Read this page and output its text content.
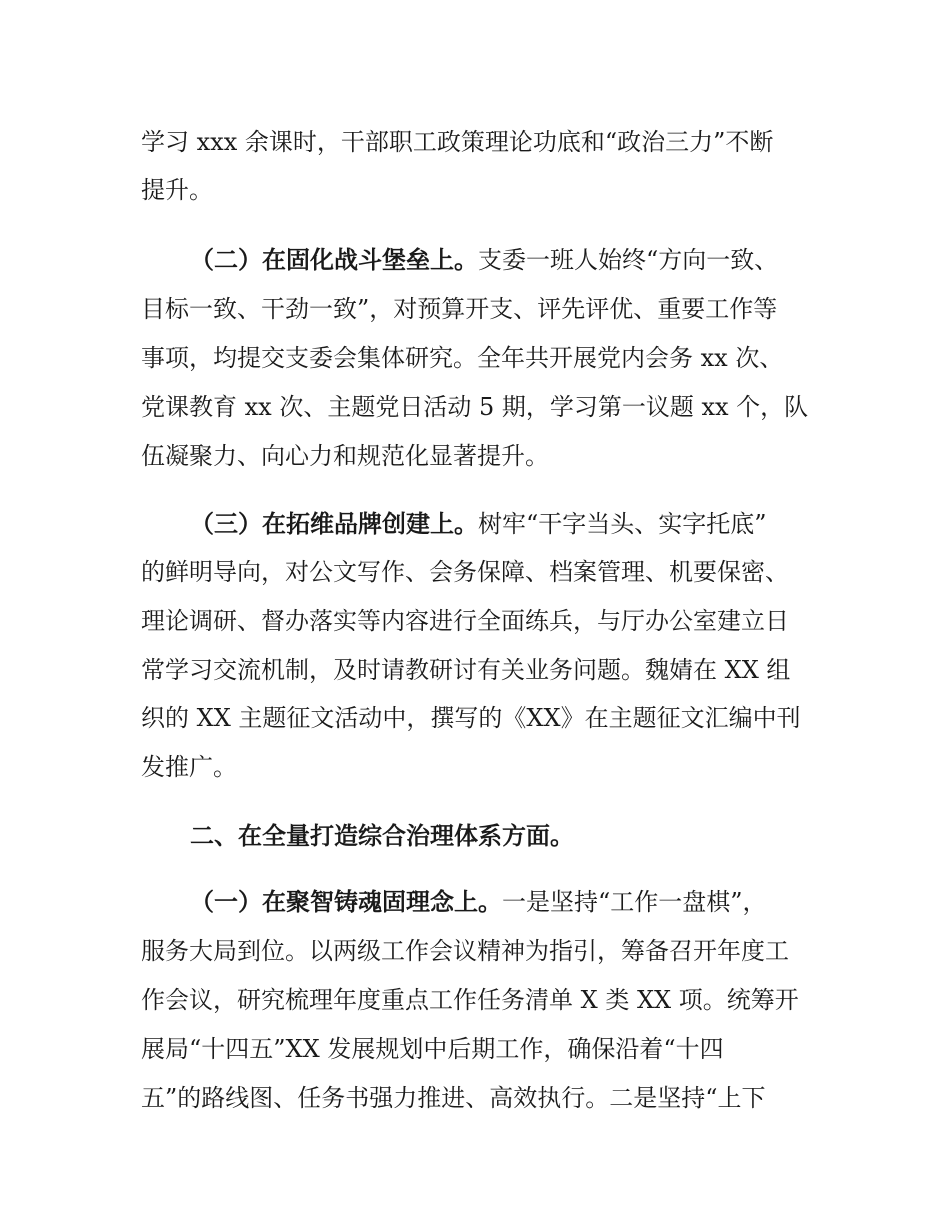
学习 xxx 余课时，干部职工政策理论功底和“政治三力”不断
提升。
（二）在固化战斗堡垒上。支委一班人始终“方向一致、
目标一致、干劲一致”，对预算开支、评先评优、重要工作等
事项，均提交支委会集体研究。全年共开展党内会务 xx 次、
党课教育 xx 次、主题党日活动 5 期，学习第一议题 xx 个，队
伍凝聚力、向心力和规范化显著提升。
（三）在拓维品牌创建上。树牢“干字当头、实字托底”
的鲜明导向，对公文写作、会务保障、档案管理、机要保密、
理论调研、督办落实等内容进行全面练兵，与厅办公室建立日
常学习交流机制，及时请教研讨有关业务问题。魏婧在 XX 组
织的 XX 主题征文活动中，撰写的《XX》在主题征文汇编中刊
发推广。
二、在全量打造综合治理体系方面。
（一）在聚智铸魂固理念上。一是坚持“工作一盘棋”，
服务大局到位。以两级工作会议精神为指引，筹备召开年度工
作会议，研究梳理年度重点工作任务清单 X 类 XX 项。统筹开
展局“十四五”XX 发展规划中后期工作，确保沿着“十四
五”的路线图、任务书强力推进、高效执行。二是坚持“上下
